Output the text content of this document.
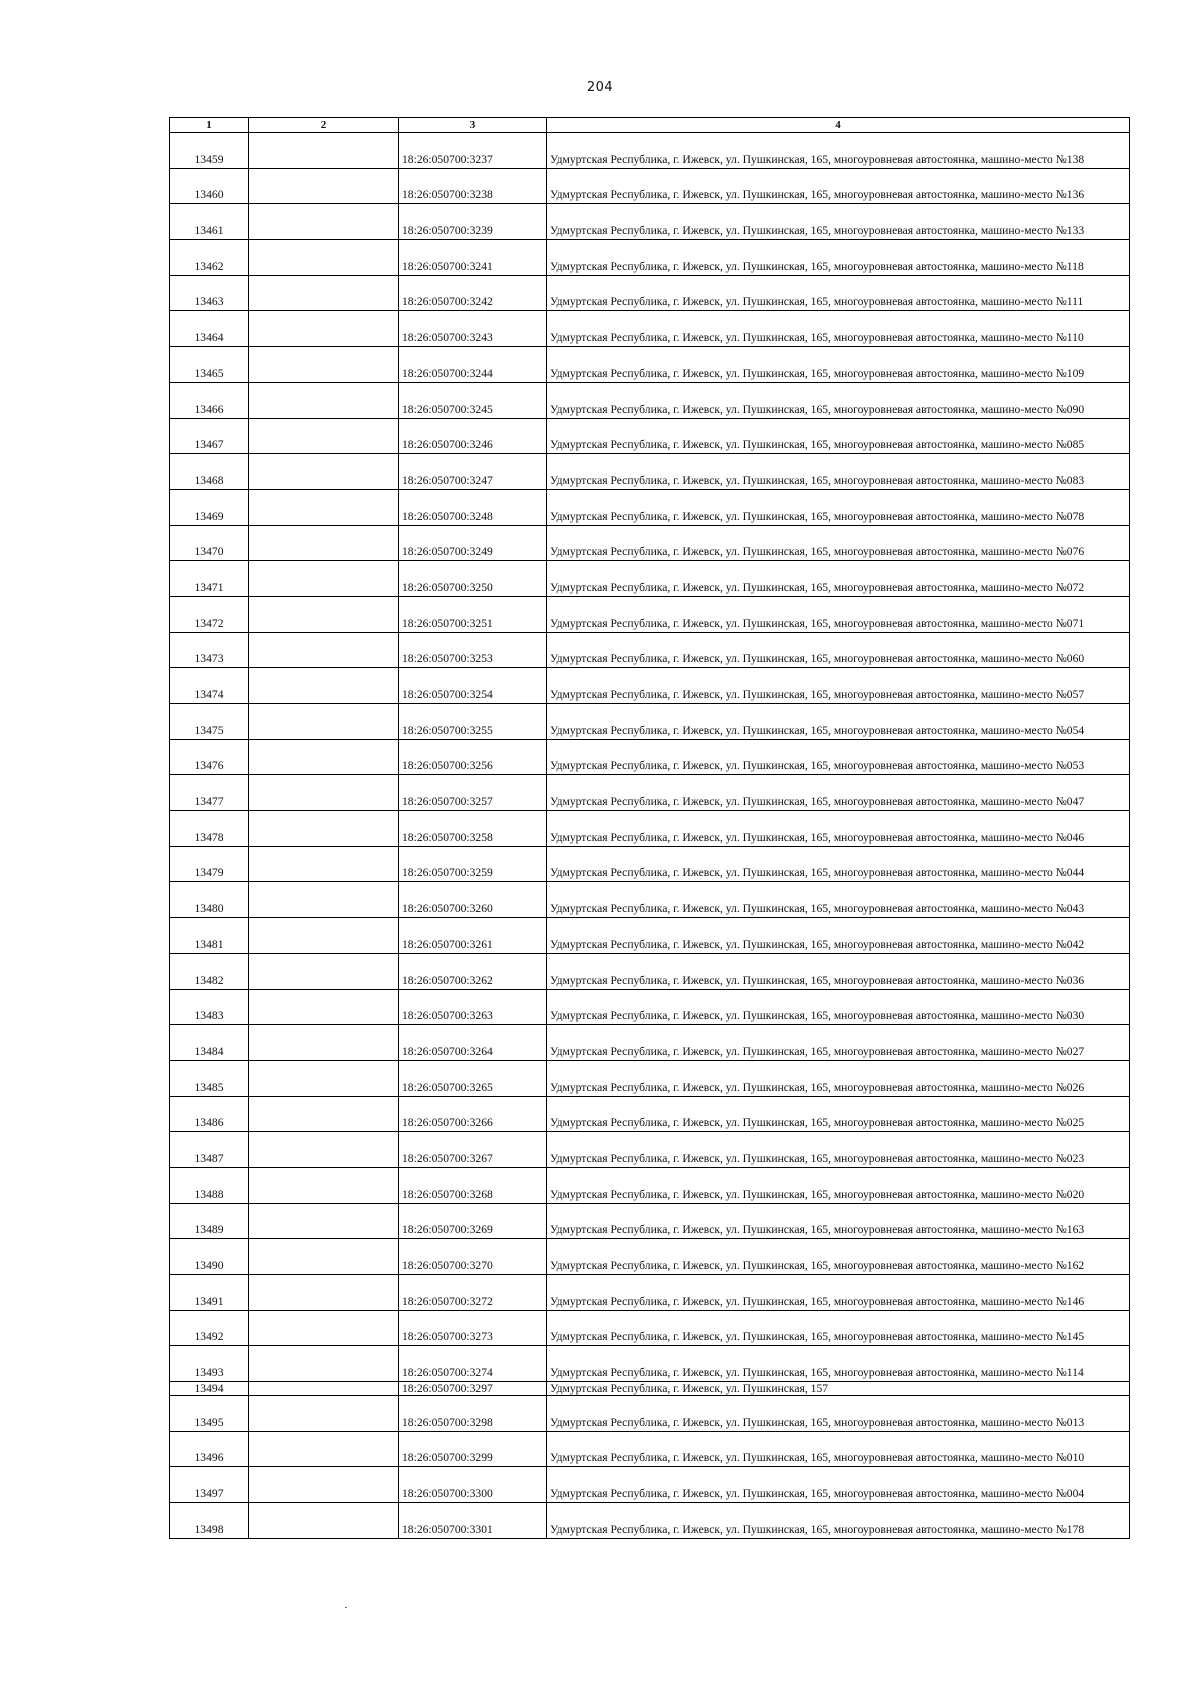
204
1	2	3	4
13459		18:26:050700:3237	Удмуртская Республика, г. Ижевск, ул. Пушкинская, 165, многоуровневая автостоянка, машино-место №138
13460		18:26:050700:3238	Удмуртская Республика, г. Ижевск, ул. Пушкинская, 165, многоуровневая автостоянка, машино-место №136
13461		18:26:050700:3239	Удмуртская Республика, г. Ижевск, ул. Пушкинская, 165, многоуровневая автостоянка, машино-место №133
13462		18:26:050700:3241	Удмуртская Республика, г. Ижевск, ул. Пушкинская, 165, многоуровневая автостоянка, машино-место №118
13463		18:26:050700:3242	Удмуртская Республика, г. Ижевск, ул. Пушкинская, 165, многоуровневая автостоянка, машино-место №111
13464		18:26:050700:3243	Удмуртская Республика, г. Ижевск, ул. Пушкинская, 165, многоуровневая автостоянка, машино-место №110
13465		18:26:050700:3244	Удмуртская Республика, г. Ижевск, ул. Пушкинская, 165, многоуровневая автостоянка, машино-место №109
13466		18:26:050700:3245	Удмуртская Республика, г. Ижевск, ул. Пушкинская, 165, многоуровневая автостоянка, машино-место №090
13467		18:26:050700:3246	Удмуртская Республика, г. Ижевск, ул. Пушкинская, 165, многоуровневая автостоянка, машино-место №085
13468		18:26:050700:3247	Удмуртская Республика, г. Ижевск, ул. Пушкинская, 165, многоуровневая автостоянка, машино-место №083
13469		18:26:050700:3248	Удмуртская Республика, г. Ижевск, ул. Пушкинская, 165, многоуровневая автостоянка, машино-место №078
13470		18:26:050700:3249	Удмуртская Республика, г. Ижевск, ул. Пушкинская, 165, многоуровневая автостоянка, машино-место №076
13471		18:26:050700:3250	Удмуртская Республика, г. Ижевск, ул. Пушкинская, 165, многоуровневая автостоянка, машино-место №072
13472		18:26:050700:3251	Удмуртская Республика, г. Ижевск, ул. Пушкинская, 165, многоуровневая автостоянка, машино-место №071
13473		18:26:050700:3253	Удмуртская Республика, г. Ижевск, ул. Пушкинская, 165, многоуровневая автостоянка, машино-место №060
13474		18:26:050700:3254	Удмуртская Республика, г. Ижевск, ул. Пушкинская, 165, многоуровневая автостоянка, машино-место №057
13475		18:26:050700:3255	Удмуртская Республика, г. Ижевск, ул. Пушкинская, 165, многоуровневая автостоянка, машино-место №054
13476		18:26:050700:3256	Удмуртская Республика, г. Ижевск, ул. Пушкинская, 165, многоуровневая автостоянка, машино-место №053
13477		18:26:050700:3257	Удмуртская Республика, г. Ижевск, ул. Пушкинская, 165, многоуровневая автостоянка, машино-место №047
13478		18:26:050700:3258	Удмуртская Республика, г. Ижевск, ул. Пушкинская, 165, многоуровневая автостоянка, машино-место №046
13479		18:26:050700:3259	Удмуртская Республика, г. Ижевск, ул. Пушкинская, 165, многоуровневая автостоянка, машино-место №044
13480		18:26:050700:3260	Удмуртская Республика, г. Ижевск, ул. Пушкинская, 165, многоуровневая автостоянка, машино-место №043
13481		18:26:050700:3261	Удмуртская Республика, г. Ижевск, ул. Пушкинская, 165, многоуровневая автостоянка, машино-место №042
13482		18:26:050700:3262	Удмуртская Республика, г. Ижевск, ул. Пушкинская, 165, многоуровневая автостоянка, машино-место №036
13483		18:26:050700:3263	Удмуртская Республика, г. Ижевск, ул. Пушкинская, 165, многоуровневая автостоянка, машино-место №030
13484		18:26:050700:3264	Удмуртская Республика, г. Ижевск, ул. Пушкинская, 165, многоуровневая автостоянка, машино-место №027
13485		18:26:050700:3265	Удмуртская Республика, г. Ижевск, ул. Пушкинская, 165, многоуровневая автостоянка, машино-место №026
13486		18:26:050700:3266	Удмуртская Республика, г. Ижевск, ул. Пушкинская, 165, многоуровневая автостоянка, машино-место №025
13487		18:26:050700:3267	Удмуртская Республика, г. Ижевск, ул. Пушкинская, 165, многоуровневая автостоянка, машино-место №023
13488		18:26:050700:3268	Удмуртская Республика, г. Ижевск, ул. Пушкинская, 165, многоуровневая автостоянка, машино-место №020
13489		18:26:050700:3269	Удмуртская Республика, г. Ижевск, ул. Пушкинская, 165, многоуровневая автостоянка, машино-место №163
13490		18:26:050700:3270	Удмуртская Республика, г. Ижевск, ул. Пушкинская, 165, многоуровневая автостоянка, машино-место №162
13491		18:26:050700:3272	Удмуртская Республика, г. Ижевск, ул. Пушкинская, 165, многоуровневая автостоянка, машино-место №146
13492		18:26:050700:3273	Удмуртская Республика, г. Ижевск, ул. Пушкинская, 165, многоуровневая автостоянка, машино-место №145
13493		18:26:050700:3274	Удмуртская Республика, г. Ижевск, ул. Пушкинская, 165, многоуровневая автостоянка, машино-место №114
13494		18:26:050700:3297	Удмуртская Республика, г. Ижевск, ул. Пушкинская, 157
13495		18:26:050700:3298	Удмуртская Республика, г. Ижевск, ул. Пушкинская, 165, многоуровневая автостоянка, машино-место №013
13496		18:26:050700:3299	Удмуртская Республика, г. Ижевск, ул. Пушкинская, 165, многоуровневая автостоянка, машино-место №010
13497		18:26:050700:3300	Удмуртская Республика, г. Ижевск, ул. Пушкинская, 165, многоуровневая автостоянка, машино-место №004
13498		18:26:050700:3301	Удмуртская Республика, г. Ижевск, ул. Пушкинская, 165, многоуровневая автостоянка, машино-место №178
